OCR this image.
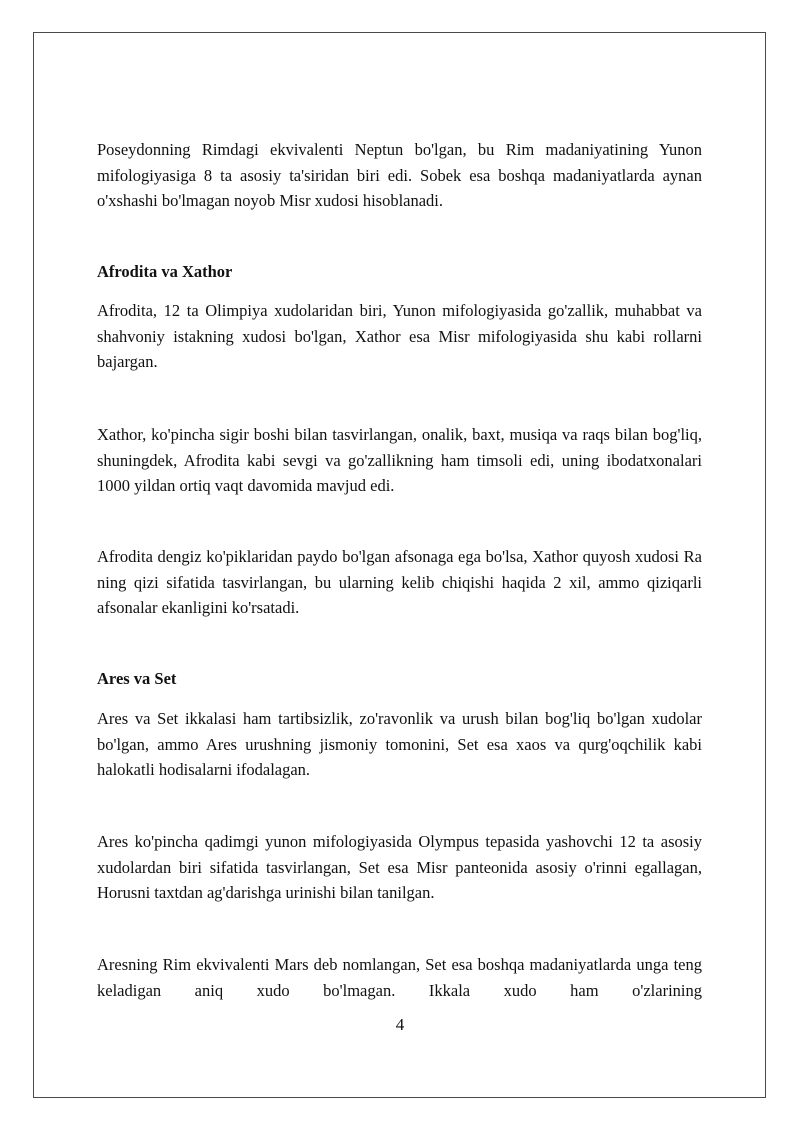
Poseydonning Rimdagi ekvivalenti Neptun bo'lgan, bu Rim madaniyatining Yunon mifologiyasiga 8 ta asosiy ta'siridan biri edi. Sobek esa boshqa madaniyatlarda aynan o'xshashi bo'lmagan noyob Misr xudosi hisoblanadi.

Afrodita va Xathor

Afrodita, 12 ta Olimpiya xudolaridan biri, Yunon mifologiyasida go'zallik, muhabbat va shahvoniy istakning xudosi bo'lgan, Xathor esa Misr mifologiyasida shu kabi rollarni bajargan.

Xathor, ko'pincha sigir boshi bilan tasvirlangan, onalik, baxt, musiqa va raqs bilan bog'liq, shuningdek, Afrodita kabi sevgi va go'zallikning ham timsoli edi, uning ibodatxonalari 1000 yildan ortiq vaqt davomida mavjud edi.

Afrodita dengiz ko'piklaridan paydo bo'lgan afsonaga ega bo'lsa, Xathor quyosh xudosi Ra ning qizi sifatida tasvirlangan, bu ularning kelib chiqishi haqida 2 xil, ammo qiziqarli afsonalar ekanligini ko'rsatadi.

Ares va Set

Ares va Set ikkalasi ham tartibsizlik, zo'ravonlik va urush bilan bog'liq bo'lgan xudolar bo'lgan, ammo Ares urushning jismoniy tomonini, Set esa xaos va qurg'oqchilik kabi halokatli hodisalarni ifodalagan.

Ares ko'pincha qadimgi yunon mifologiyasida Olympus tepasida yashovchi 12 ta asosiy xudolardan biri sifatida tasvirlangan, Set esa Misr panteonida asosiy o'rinni egallagan, Horusni taxtdan ag'darishga urinishi bilan tanilgan.

Aresning Rim ekvivalenti Mars deb nomlangan, Set esa boshqa madaniyatlarda unga teng keladigan aniq xudo bo'lmagan. Ikkala xudo ham o'zlarining

4
